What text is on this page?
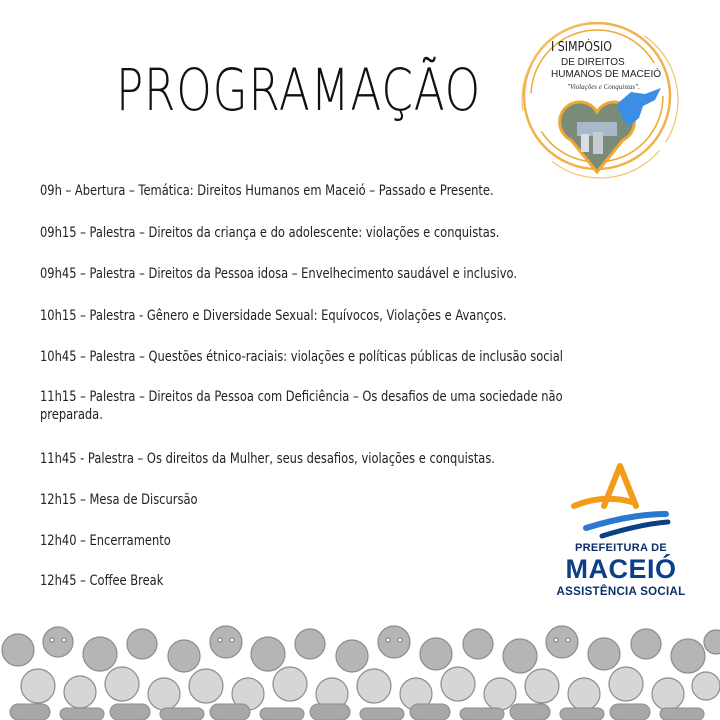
PROGRAMAÇÃO
I SIMPÓSIO
DE DIREITOS
HUMANOS DE MACEIÓ
"Violações e Conquistas".
09h – Abertura – Temática: Direitos Humanos em Maceió – Passado e Presente.
09h15 – Palestra – Direitos da criança e do adolescente: violações e conquistas.
09h45 – Palestra – Direitos da Pessoa idosa – Envelhecimento saudável e inclusivo.
10h15 – Palestra - Gênero e Diversidade Sexual: Equívocos, Violações e Avanços.
10h45 – Palestra – Questões étnico-raciais: violações e políticas públicas de inclusão social
11h15 – Palestra – Direitos da Pessoa com Deficiência – Os desafios de uma sociedade não preparada.
11h45 - Palestra – Os direitos da Mulher, seus desafios, violações e conquistas.
12h15 – Mesa de Discursão
12h40 – Encerramento
12h45 – Coffee Break
PREFEITURA DE
MACEIÓ
ASSISTÊNCIA SOCIAL
